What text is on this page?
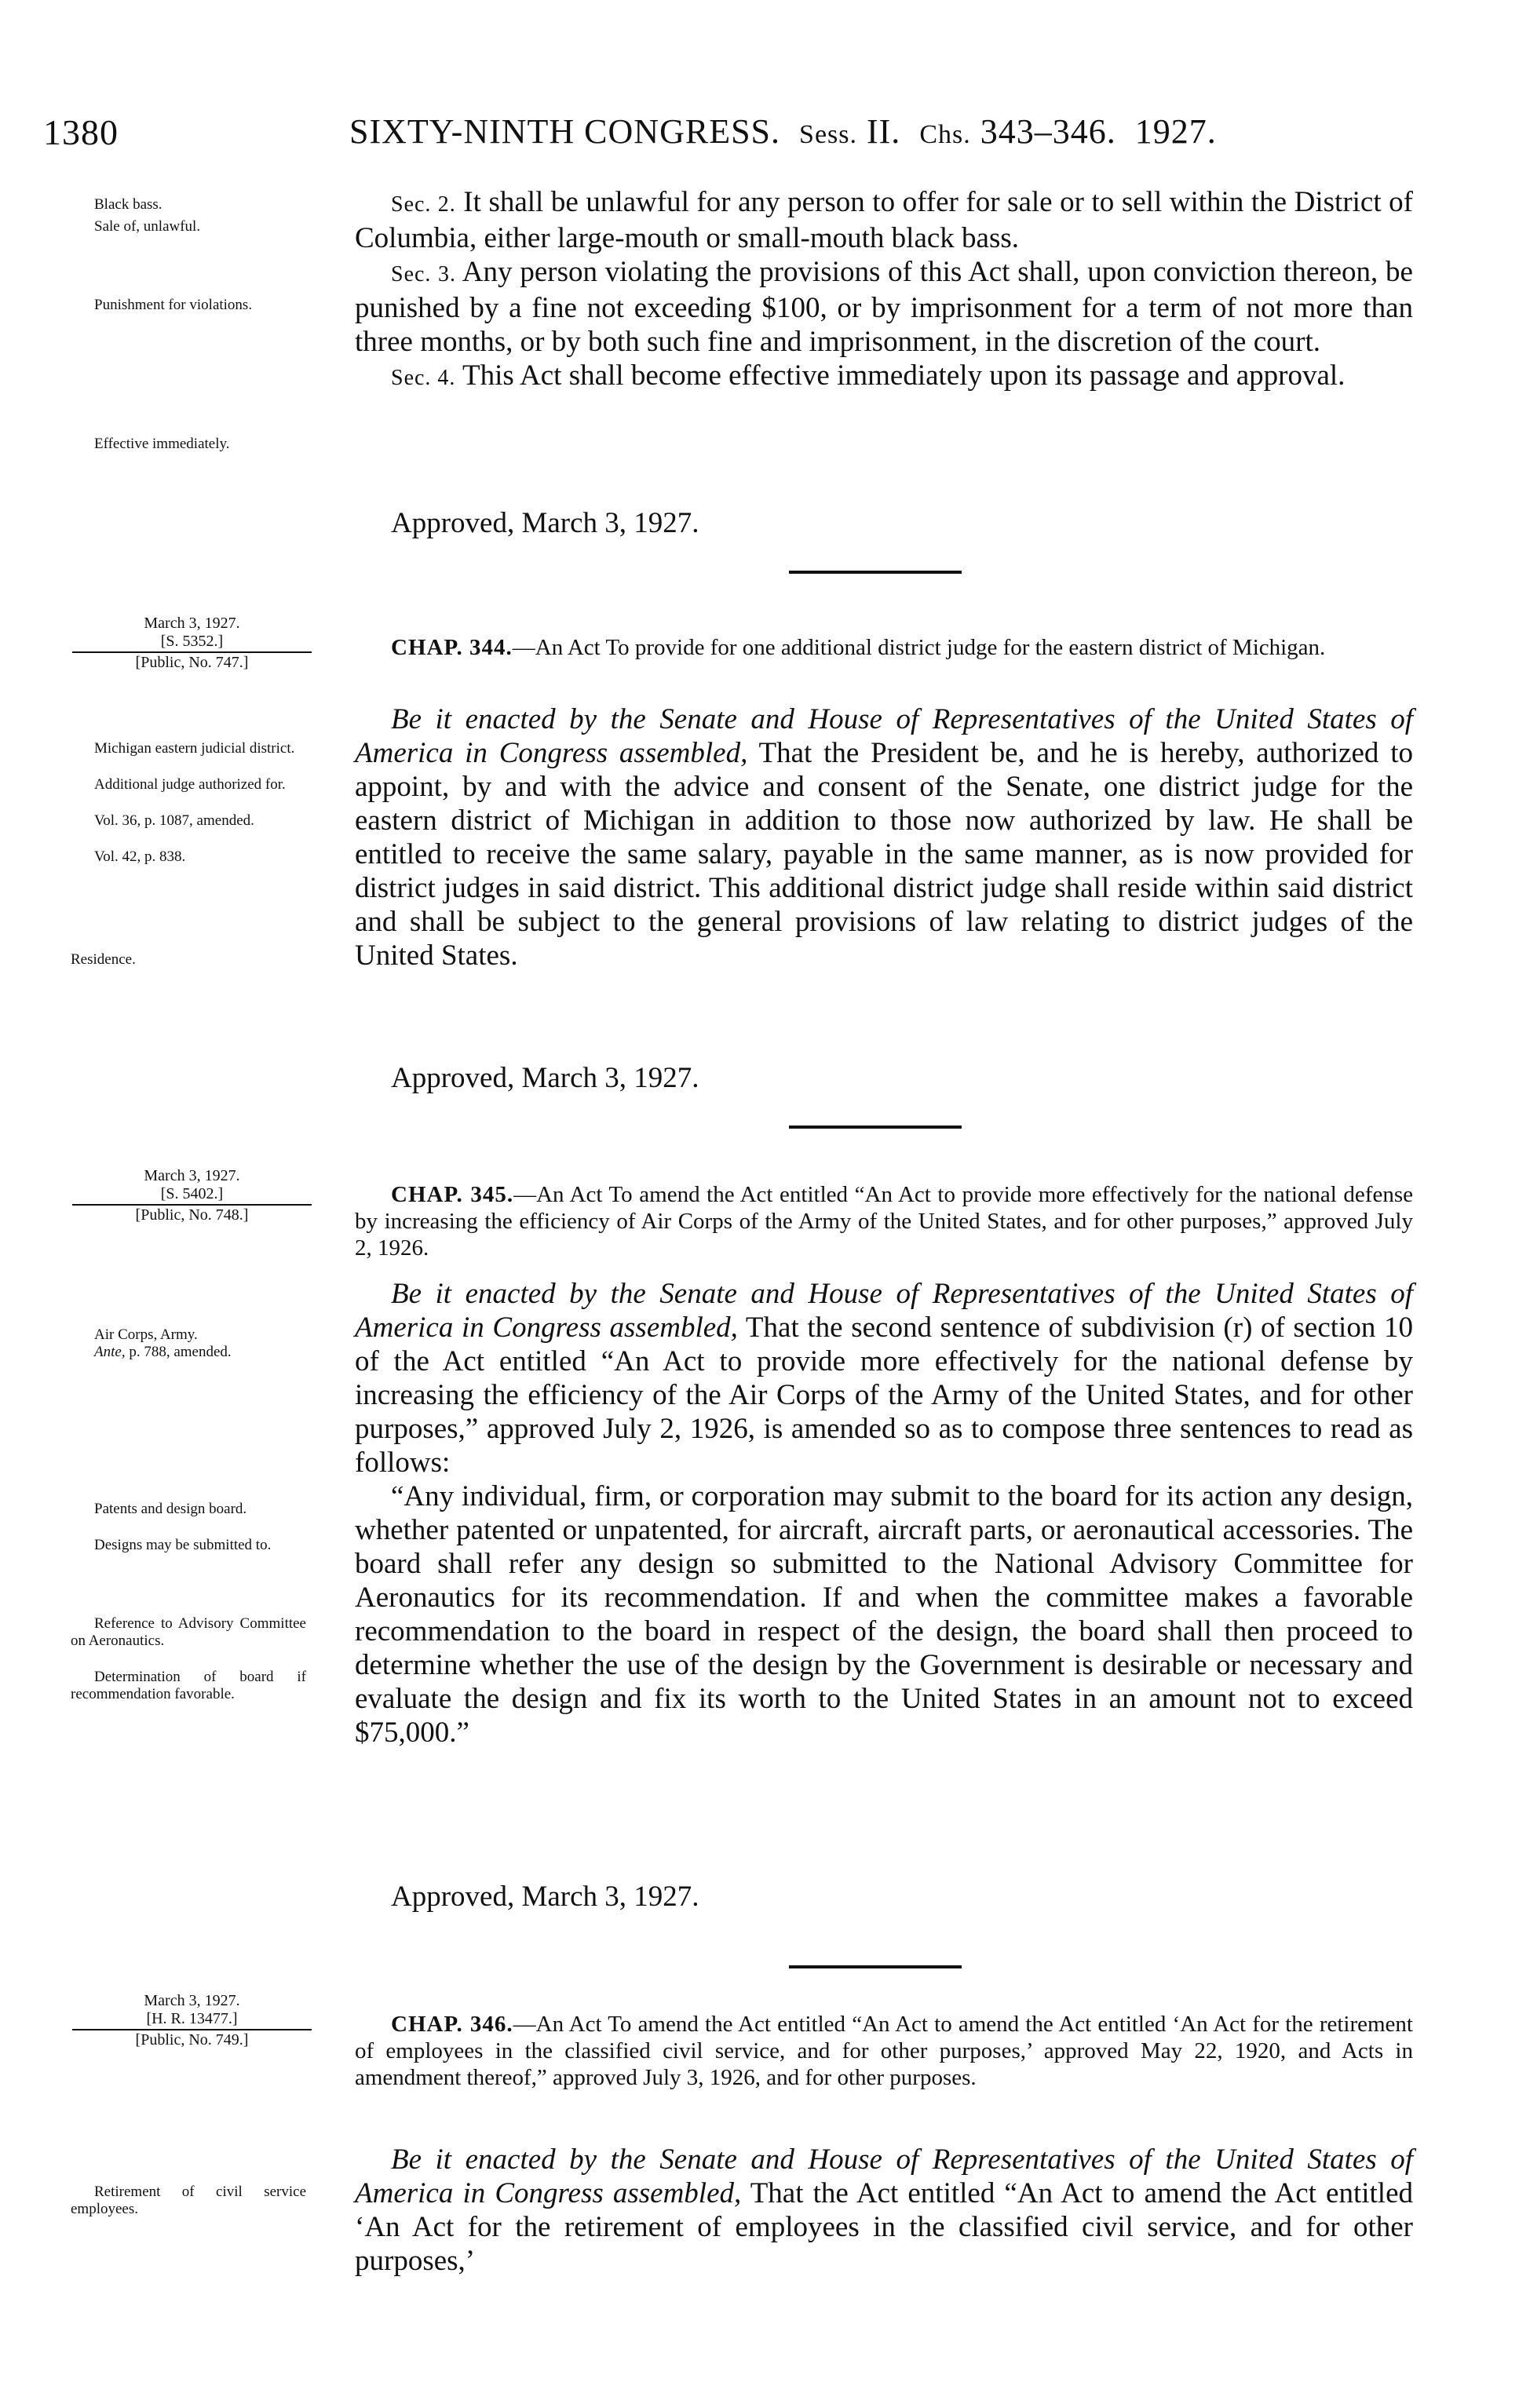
1380	SIXTY-NINTH CONGRESS. Sess. II. Chs. 343–346. 1927.
Black bass.
Sale of, unlawful.
Punishment for violations.
Effective immediately.

Sec. 2. It shall be unlawful for any person to offer for sale or to sell within the District of Columbia, either large-mouth or small-mouth black bass.

Sec. 3. Any person violating the provisions of this Act shall, upon conviction thereon, be punished by a fine not exceeding $100, or by imprisonment for a term of not more than three months, or by both such fine and imprisonment, in the discretion of the court.

Sec. 4. This Act shall become effective immediately upon its passage and approval.

Approved, March 3, 1927.
March 3, 1927.
[S. 5352.]
[Public, No. 747.]

CHAP. 344.—An Act To provide for one additional district judge for the eastern district of Michigan.

Be it enacted by the Senate and House of Representatives of the United States of America in Congress assembled, That the President be, and he is hereby, authorized to appoint, by and with the advice and consent of the Senate, one district judge for the eastern district of Michigan in addition to those now authorized by law. He shall be entitled to receive the same salary, payable in the same manner, as is now provided for district judges in said district. This additional district judge shall reside within said district and shall be subject to the general provisions of law relating to district judges of the United States.

Michigan eastern judicial district.
Additional judge authorized for.
Vol. 36, p. 1087, amended.
Vol. 42, p. 838.
Residence.
Approved, March 3, 1927.
March 3, 1927.
[S. 5402.]
[Public, No. 748.]

CHAP. 345.—An Act To amend the Act entitled “An Act to provide more effectively for the national defense by increasing the efficiency of Air Corps of the Army of the United States, and for other purposes,” approved July 2, 1926.

Be it enacted by the Senate and House of Representatives of the United States of America in Congress assembled, That the second sentence of subdivision (r) of section 10 of the Act entitled “An Act to provide more effectively for the national defense by increasing the efficiency of the Air Corps of the Army of the United States, and for other purposes,” approved July 2, 1926, is amended so as to compose three sentences to read as follows:

“Any individual, firm, or corporation may submit to the board for its action any design, whether patented or unpatented, for aircraft, aircraft parts, or aeronautical accessories. The board shall refer any design so submitted to the National Advisory Committee for Aeronautics for its recommendation. If and when the committee makes a favorable recommendation to the board in respect of the design, the board shall then proceed to determine whether the use of the design by the Government is desirable or necessary and evaluate the design and fix its worth to the United States in an amount not to exceed $75,000.”

Air Corps, Army.
Ante, p. 788, amended.
Patents and design board.
Designs may be submitted to.
Reference to Advisory Committee on Aeronautics.
Determination of board if recommendation favorable.
Approved, March 3, 1927.
March 3, 1927.
[H. R. 13477.]
[Public, No. 749.]

CHAP. 346.—An Act To amend the Act entitled “An Act to amend the Act entitled ‘An Act for the retirement of employees in the classified civil service, and for other purposes,’ approved May 22, 1920, and Acts in amendment thereof,” approved July 3, 1926, and for other purposes.

Be it enacted by the Senate and House of Representatives of the United States of America in Congress assembled, That the Act entitled “An Act to amend the Act entitled ‘An Act for the retirement of employees in the classified civil service, and for other purposes,’

Retirement of civil service employees.
